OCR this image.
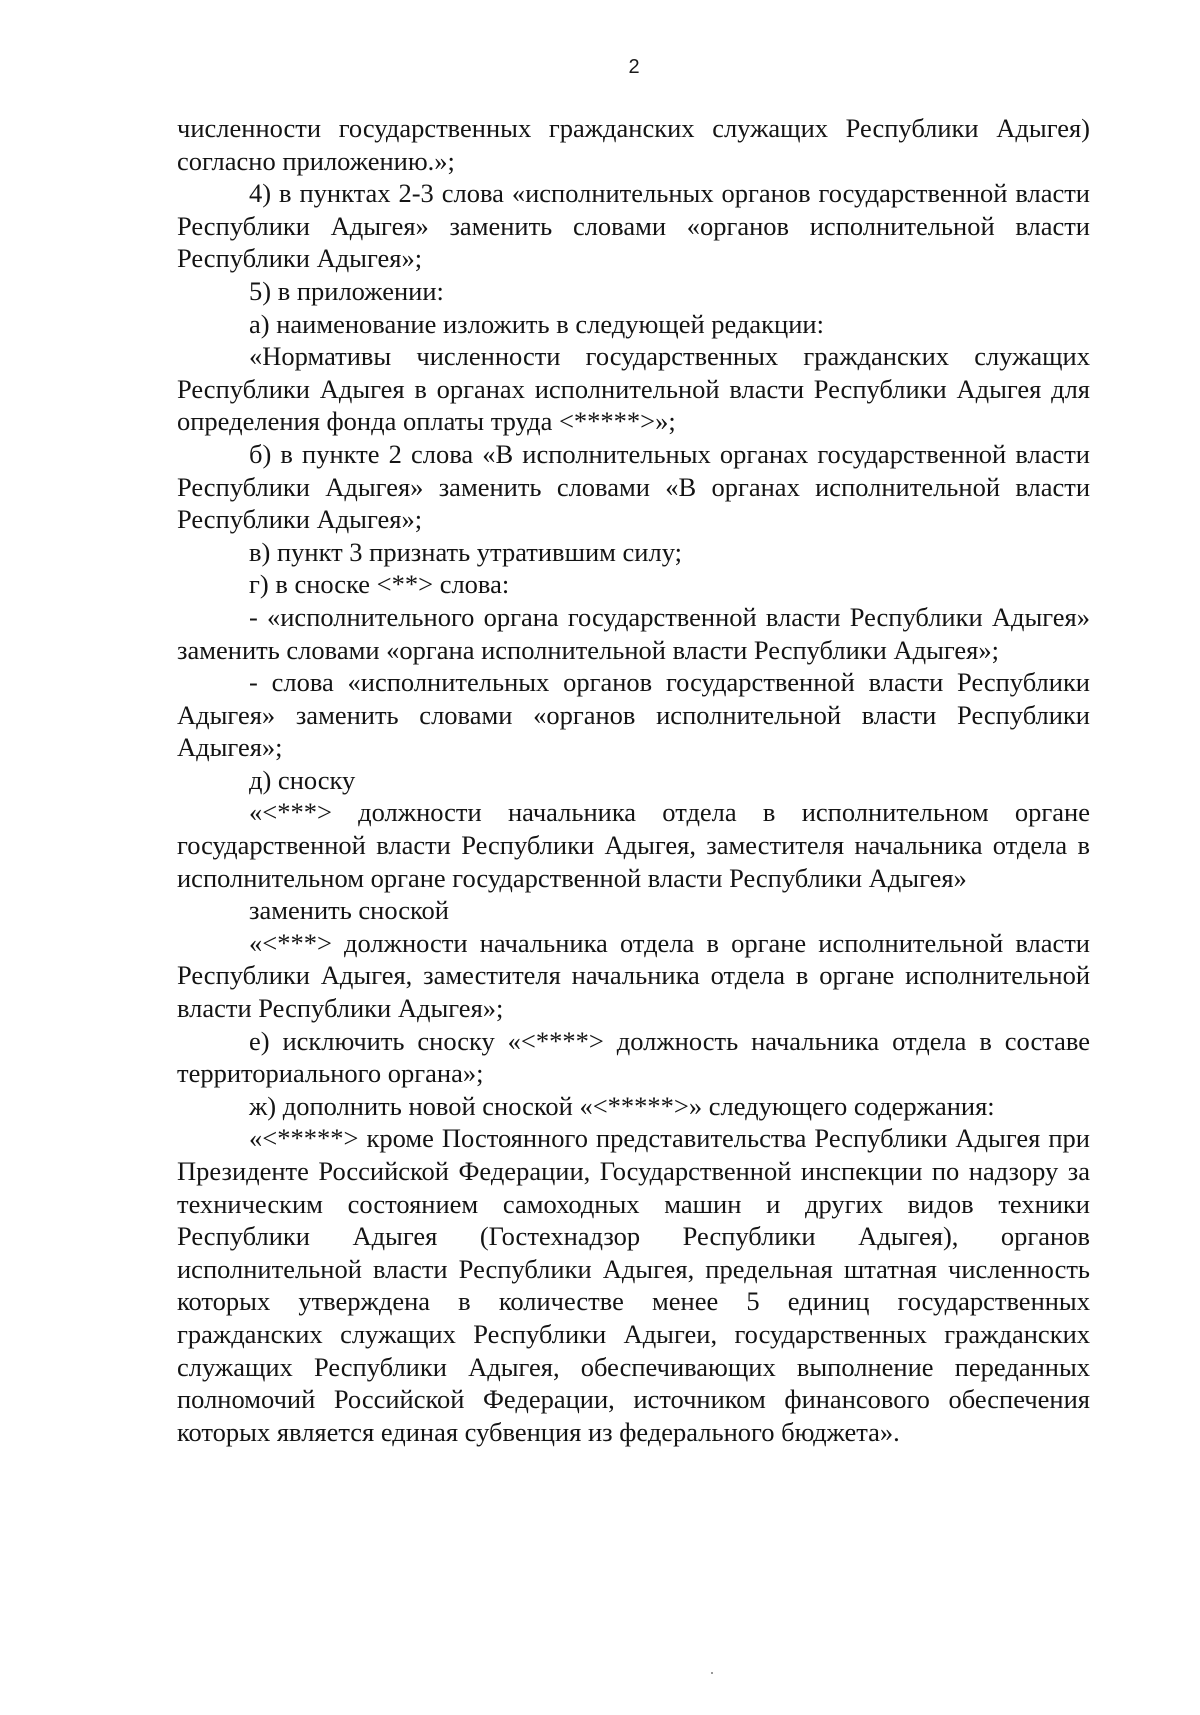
2

численности государственных гражданских служащих Республики Адыгея) согласно приложению.»;

4) в пунктах 2-3 слова «исполнительных органов государственной власти Республики Адыгея» заменить словами «органов исполнительной власти Республики Адыгея»;

5) в приложении:

а) наименование изложить в следующей редакции:

«Нормативы численности государственных гражданских служащих Республики Адыгея в органах исполнительной власти Республики Адыгея для определения фонда оплаты труда <*****>»;

б) в пункте 2 слова «В исполнительных органах государственной власти Республики Адыгея» заменить словами «В органах исполнительной власти Республики Адыгея»;

в) пункт 3 признать утратившим силу;

г) в сноске <**> слова:

- «исполнительного органа государственной власти Республики Адыгея» заменить словами «органа исполнительной власти Республики Адыгея»;

- слова «исполнительных органов государственной власти Республики Адыгея» заменить словами «органов исполнительной власти Республики Адыгея»;

д) сноску

«<***> должности начальника отдела в исполнительном органе государственной власти Республики Адыгея, заместителя начальника отдела в исполнительном органе государственной власти Республики Адыгея»

заменить сноской

«<***> должности начальника отдела в органе исполнительной власти Республики Адыгея, заместителя начальника отдела в органе исполнительной власти Республики Адыгея»;

е) исключить сноску «<****> должность начальника отдела в составе территориального органа»;

ж) дополнить новой сноской «<*****>» следующего содержания:

«<*****> кроме Постоянного представительства Республики Адыгея при Президенте Российской Федерации, Государственной инспекции по надзору за техническим состоянием самоходных машин и других видов техники Республики Адыгея (Гостехнадзор Республики Адыгея), органов исполнительной власти Республики Адыгея, предельная штатная численность которых утверждена в количестве менее 5 единиц государственных гражданских служащих Республики Адыгеи, государственных гражданских служащих Республики Адыгея, обеспечивающих выполнение переданных полномочий Российской Федерации, источником финансового обеспечения которых является единая субвенция из федерального бюджета».
